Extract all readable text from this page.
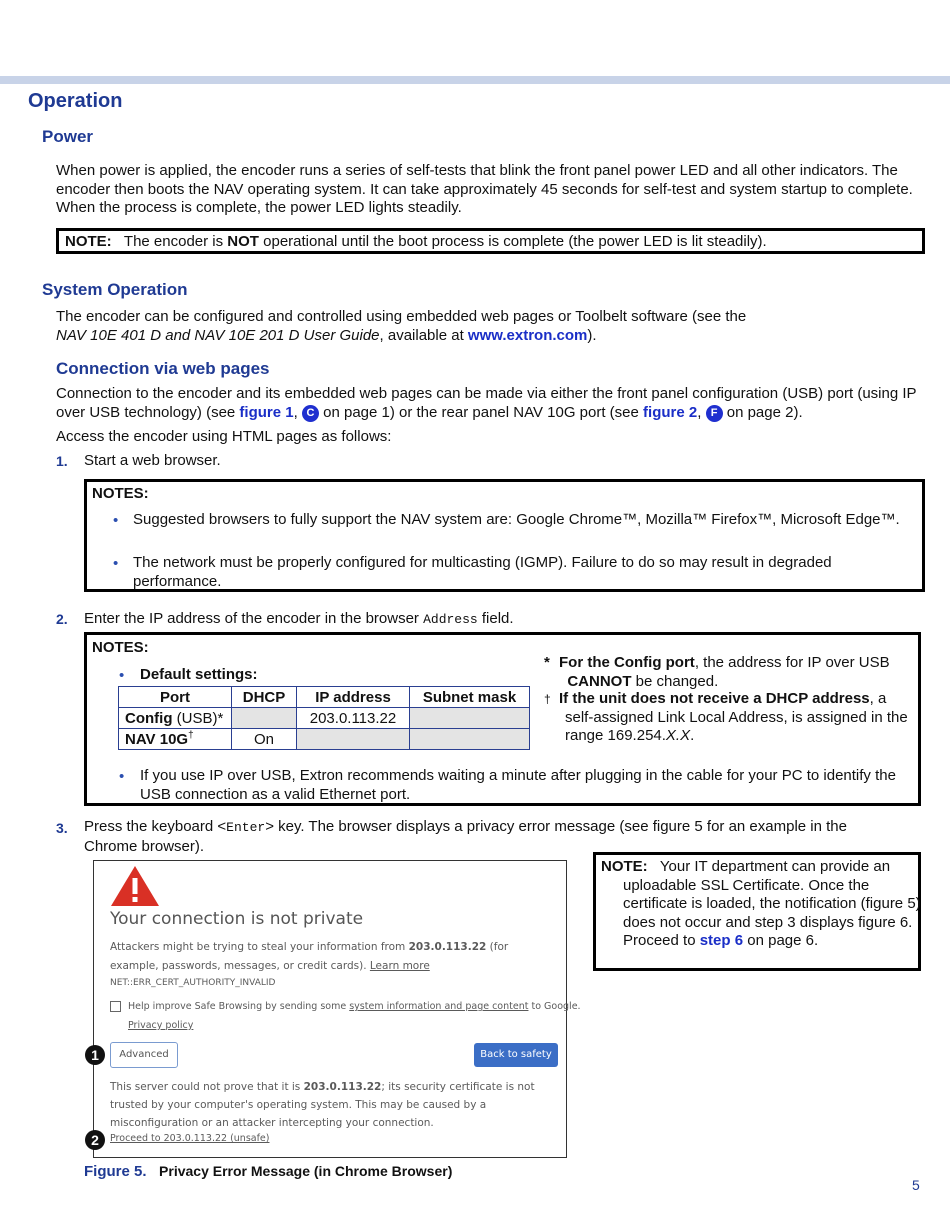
Operation
Power
When power is applied, the encoder runs a series of self-tests that blink the front panel power LED and all other indicators. The encoder then boots the NAV operating system. It can take approximately 45 seconds for self-test and system startup to complete. When the process is complete, the power LED lights steadily.
NOTE: The encoder is NOT operational until the boot process is complete (the power LED is lit steadily).
System Operation
The encoder can be configured and controlled using embedded web pages or Toolbelt software (see the
NAV 10E 401 D and NAV 10E 201 D User Guide, available at www.extron.com).
Connection via web pages
Connection to the encoder and its embedded web pages can be made via either the front panel configuration (USB) port (using IP over USB technology) (see figure 1, C on page 1) or the rear panel NAV 10G port (see figure 2, F on page 2).
Access the encoder using HTML pages as follows:
1. Start a web browser.
NOTES:
• Suggested browsers to fully support the NAV system are: Google Chrome™, Mozilla™ Firefox™, Microsoft Edge™.
• The network must be properly configured for multicasting (IGMP). Failure to do so may result in degraded performance.
2. Enter the IP address of the encoder in the browser Address field.
NOTES:
• Default settings:
Port	DHCP	IP address	Subnet mask
Config (USB)*		203.0.113.22	
NAV 10G†	On		
* For the Config port, the address for IP over USB
CANNOT be changed.
† If the unit does not receive a DHCP address, a self-assigned Link Local Address, is assigned in the range 169.254.X.X.
• If you use IP over USB, Extron recommends waiting a minute after plugging in the cable for your PC to identify the USB connection as a valid Ethernet port.
3. Press the keyboard <Enter> key. The browser displays a privacy error message (see figure 5 for an example in the Chrome browser).
NOTE: Your IT department can provide an uploadable SSL Certificate. Once the certificate is loaded, the notification (figure 5) does not occur and step 3 displays figure 6. Proceed to step 6 on page 6.
Your connection is not private
Attackers might be trying to steal your information from 203.0.113.22 (for example, passwords, messages, or credit cards). Learn more
NET::ERR_CERT_AUTHORITY_INVALID
Help improve Safe Browsing by sending some system information and page content to Google.
Privacy policy
Advanced	Back to safety
This server could not prove that it is 203.0.113.22; its security certificate is not trusted by your computer's operating system. This may be caused by a misconfiguration or an attacker intercepting your connection.
Proceed to 203.0.113.22 (unsafe)
1
2
Figure 5. Privacy Error Message (in Chrome Browser)
5
